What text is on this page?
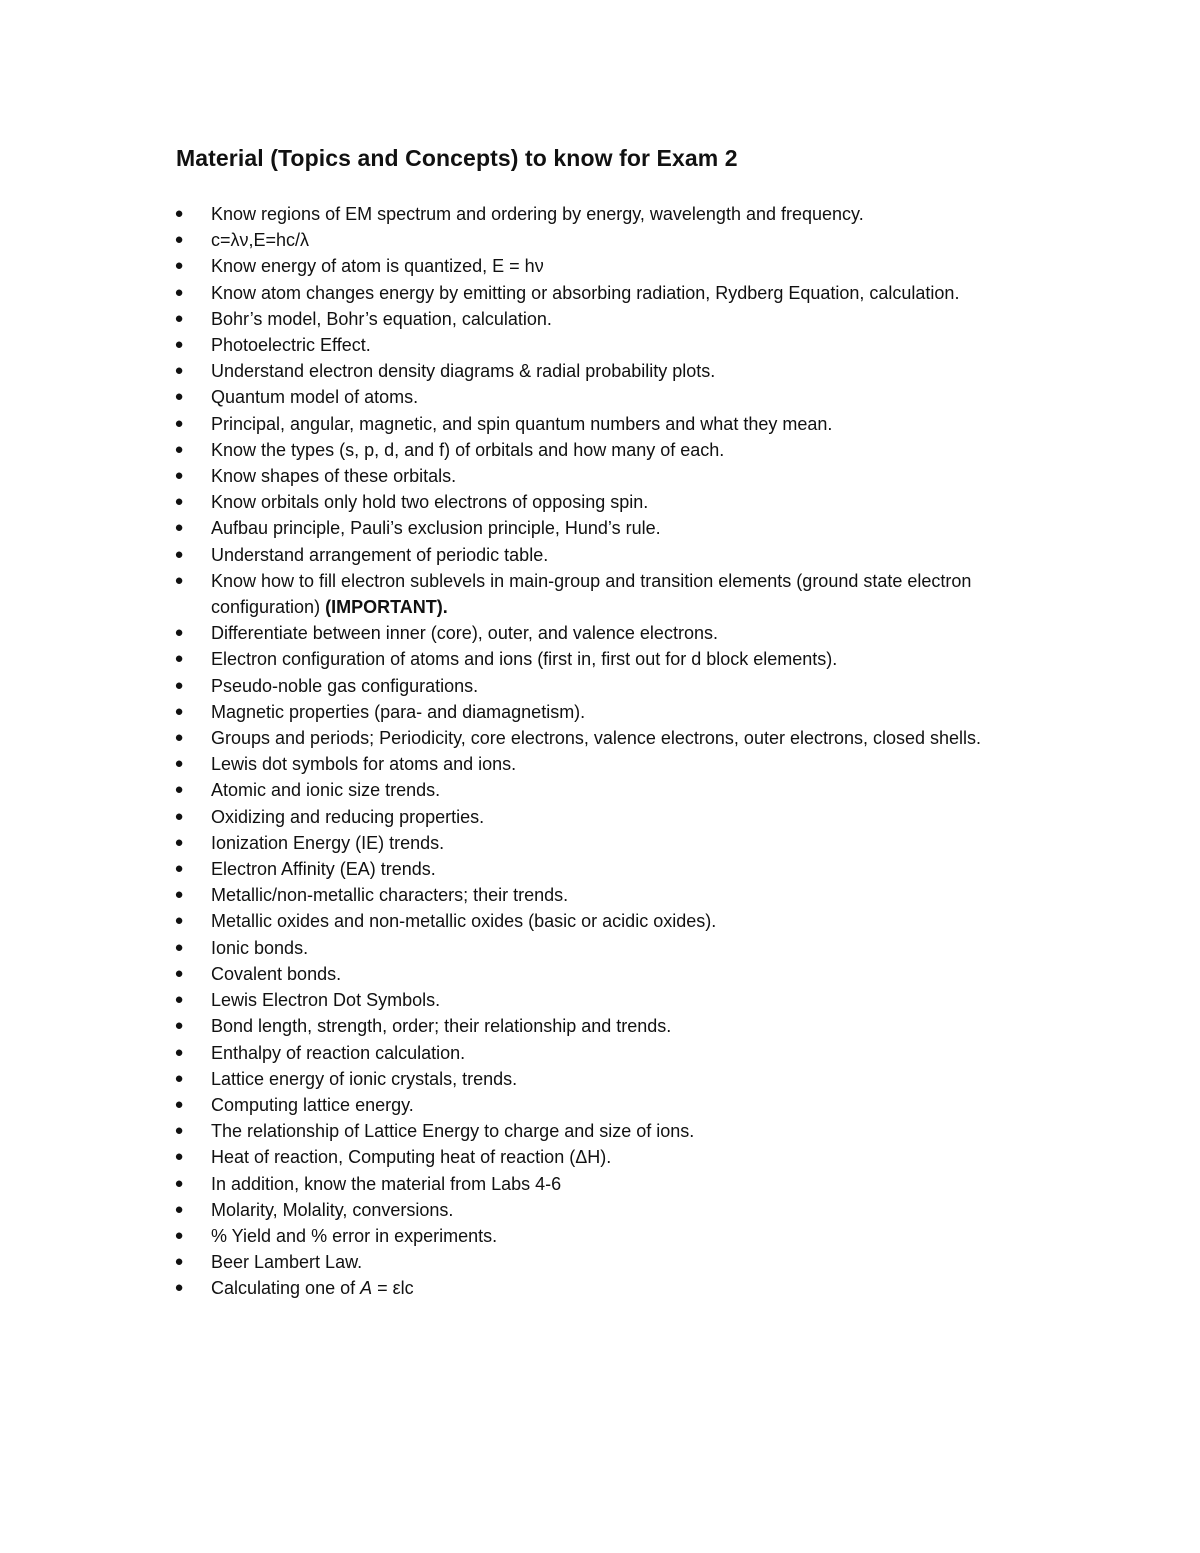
Material (Topics and Concepts) to know for Exam 2
● Know regions of EM spectrum and ordering by energy, wavelength and frequency.
● c=λν,E=hc/λ
● Know energy of atom is quantized, E = hν
● Know atom changes energy by emitting or absorbing radiation, Rydberg Equation, calculation.
● Bohr’s model, Bohr’s equation, calculation.
● Photoelectric Effect.
● Understand electron density diagrams & radial probability plots.
● Quantum model of atoms.
● Principal, angular, magnetic, and spin quantum numbers and what they mean.
● Know the types (s, p, d, and f) of orbitals and how many of each.
● Know shapes of these orbitals.
● Know orbitals only hold two electrons of opposing spin.
● Aufbau principle, Pauli’s exclusion principle, Hund’s rule.
● Understand arrangement of periodic table.
● Know how to fill electron sublevels in main-group and transition elements (ground state electron
configuration) (IMPORTANT).
● Differentiate between inner (core), outer, and valence electrons.
● Electron configuration of atoms and ions (first in, first out for d block elements).
● Pseudo-noble gas configurations.
● Magnetic properties (para- and diamagnetism).
● Groups and periods; Periodicity, core electrons, valence electrons, outer electrons, closed shells.
● Lewis dot symbols for atoms and ions.
● Atomic and ionic size trends.
● Oxidizing and reducing properties.
● Ionization Energy (IE) trends.
● Electron Affinity (EA) trends.
● Metallic/non-metallic characters; their trends.
● Metallic oxides and non-metallic oxides (basic or acidic oxides).
● Ionic bonds.
● Covalent bonds.
● Lewis Electron Dot Symbols.
● Bond length, strength, order; their relationship and trends.
● Enthalpy of reaction calculation.
● Lattice energy of ionic crystals, trends.
● Computing lattice energy.
● The relationship of Lattice Energy to charge and size of ions.
● Heat of reaction, Computing heat of reaction (ΔH).
● In addition, know the material from Labs 4-6
● Molarity, Molality, conversions.
● % Yield and % error in experiments.
● Beer Lambert Law.
● Calculating one of A = εlc
